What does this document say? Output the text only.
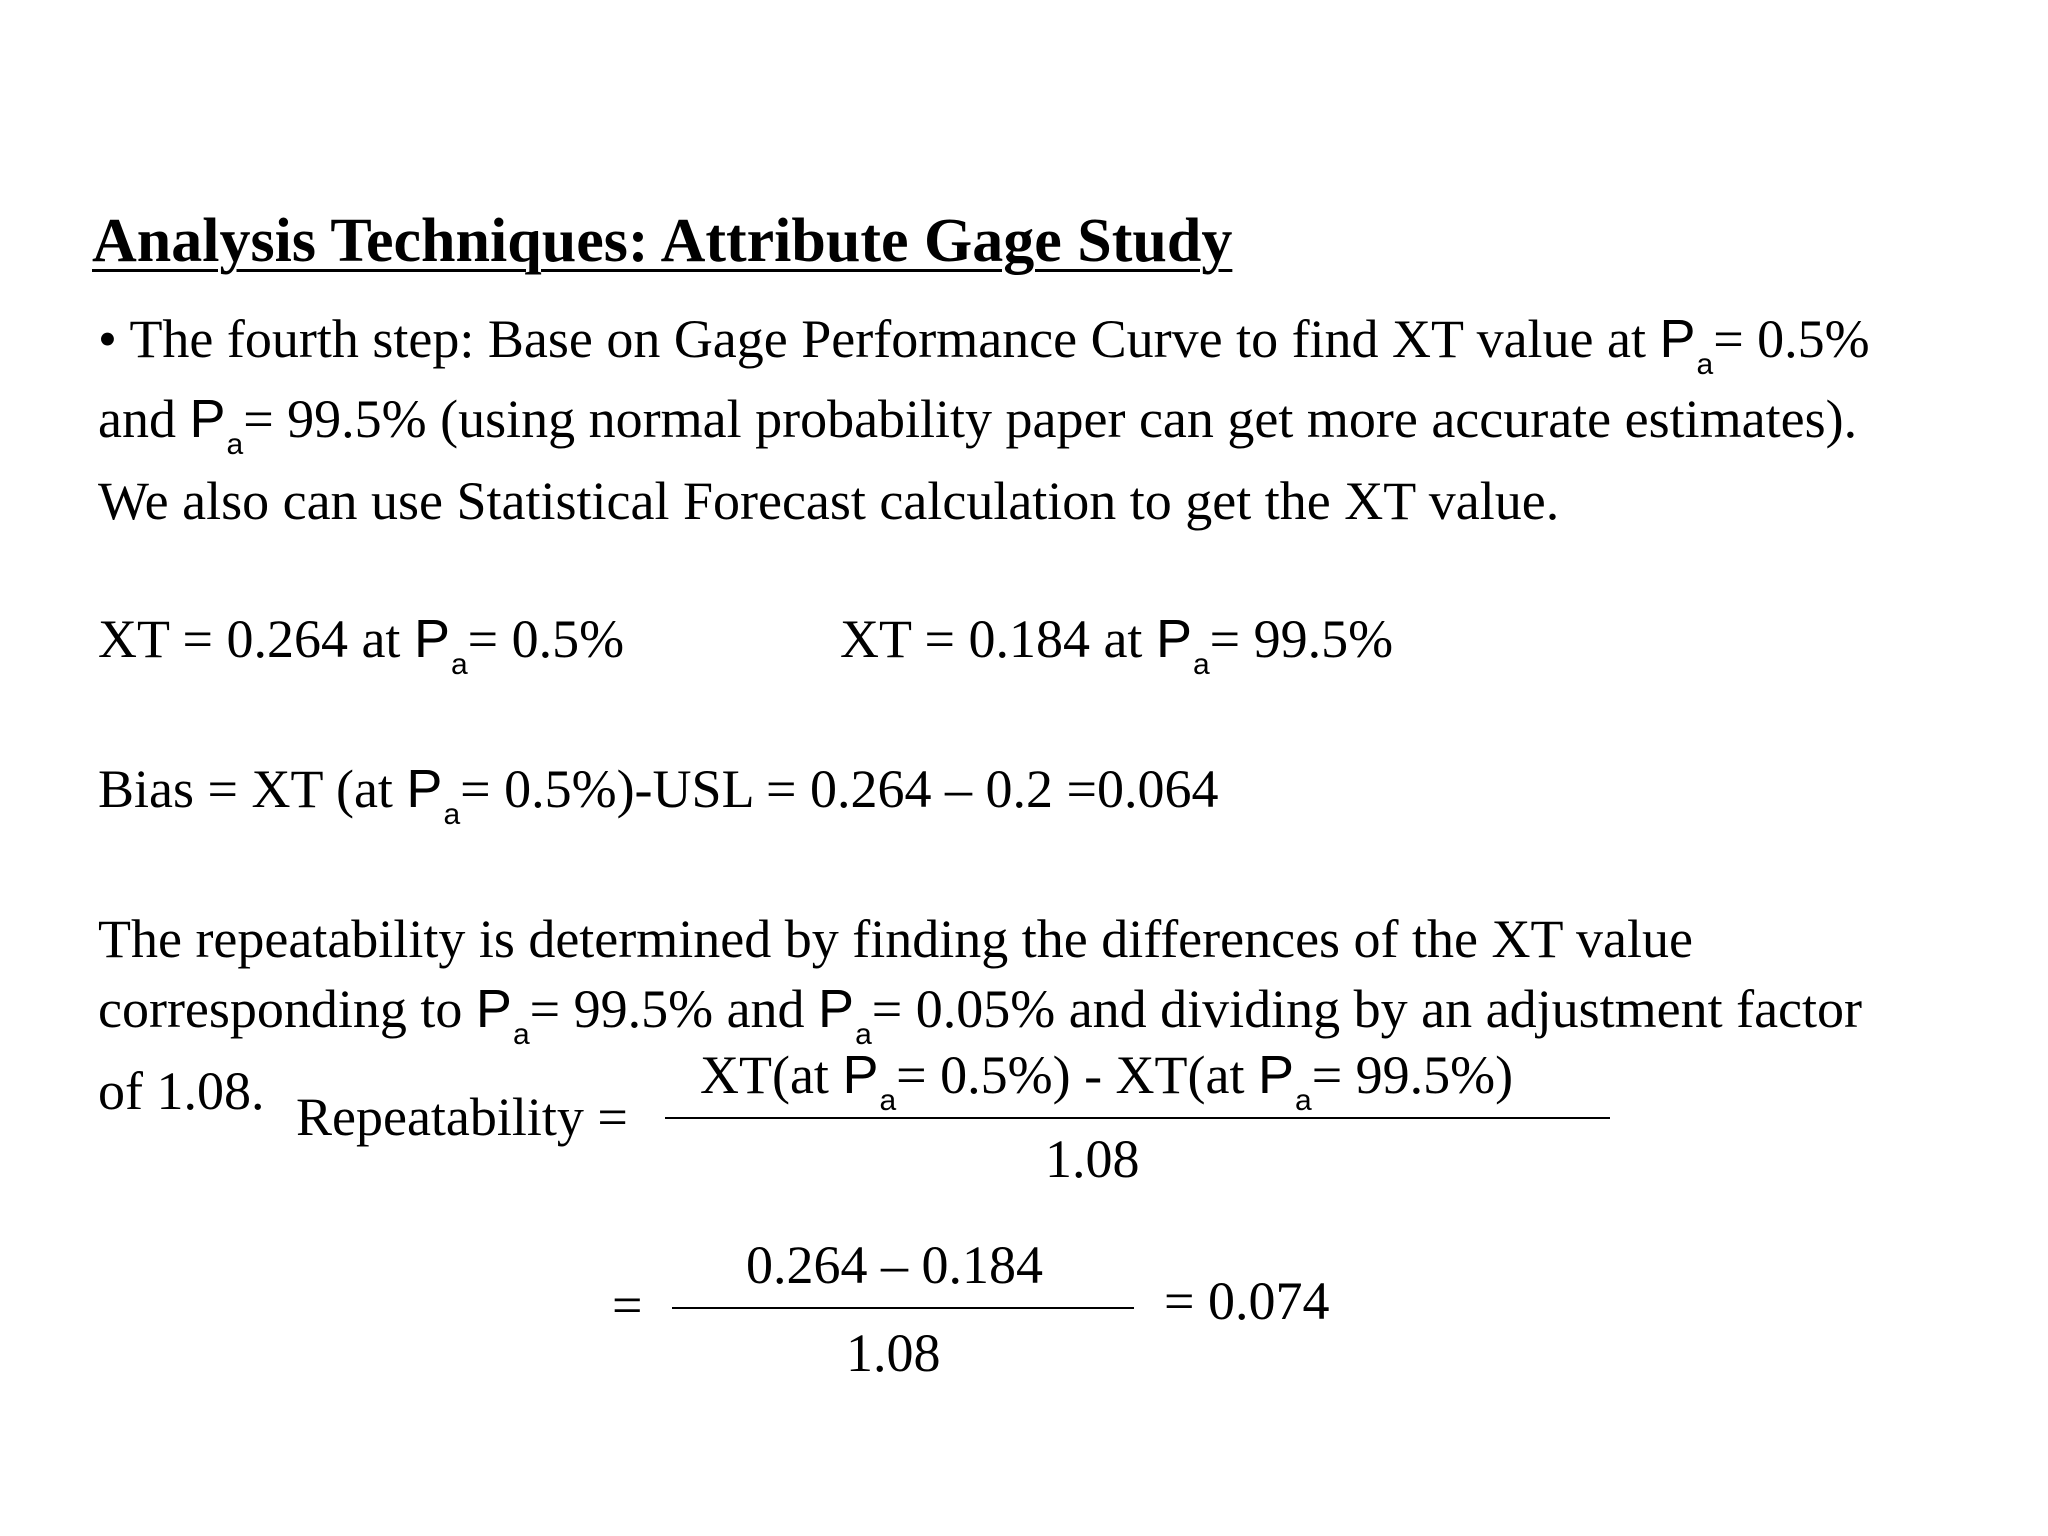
Analysis Techniques: Attribute Gage Study
• The fourth step: Base on Gage Performance Curve to find XT value at $P_a= 0.5\%$
and $P_a= 99.5\%$ (using normal probability paper can get more accurate estimates).
We also can use Statistical Forecast calculation to get the XT value.
XT = 0.264 at $P_a= 0.5\%$	XT = 0.184 at $P_a= 99.5\%$
Bias = XT (at $P_a= 0.5\%)-USL = 0.264 - 0.2 =0.064$
The repeatability is determined by finding the differences of the XT value
corresponding to $P_a= 99.5\%$ and $P_a= 0.05\%$ and dividing by an adjustment factor
of 1.08. Repeatability =
XT(at $P_a= 0.5\%) - XT(at$ $P_a= 99.5\%$)
1.08
=
0.264 – 0.184
1.08
= 0.074
